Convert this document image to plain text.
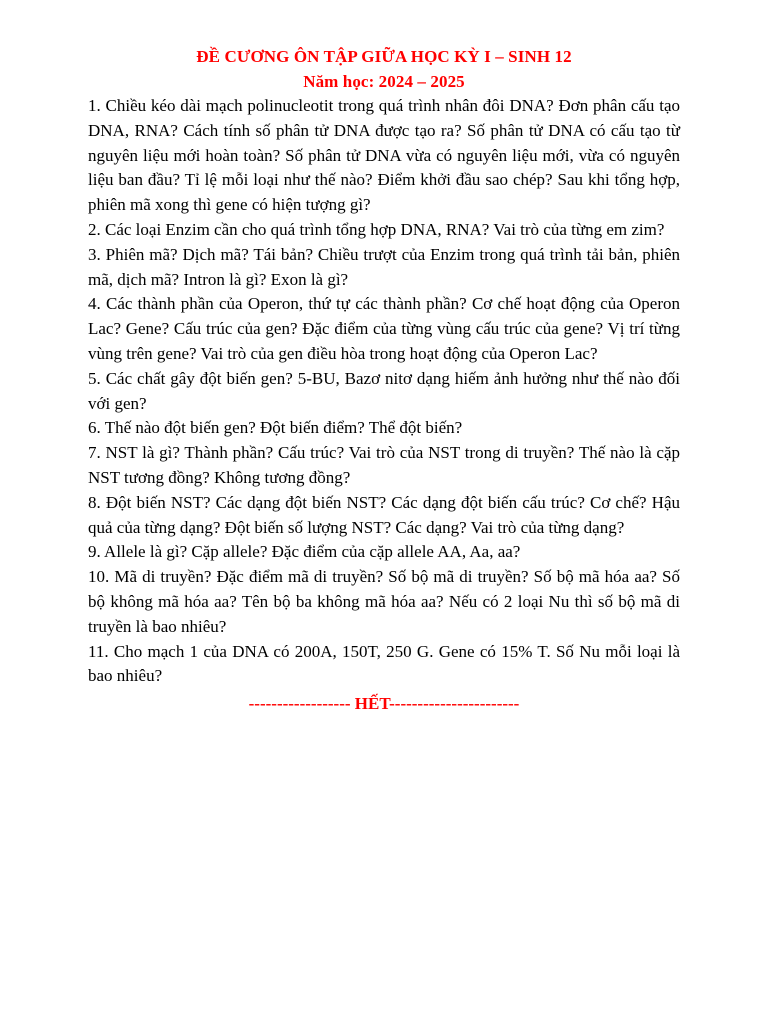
ĐỀ CƯƠNG ÔN TẬP GIỮA HỌC KỲ I – SINH 12

Năm học: 2024 – 2025

1. Chiều kéo dài mạch polinucleotit trong quá trình nhân đôi DNA? Đơn phân cấu tạo DNA, RNA? Cách tính số phân tử DNA được tạo ra? Số phân tử DNA có cấu tạo từ nguyên liệu mới hoàn toàn? Số phân tử DNA vừa có nguyên liệu mới, vừa có nguyên liệu ban đầu? Tỉ lệ mỗi loại như thế nào? Điểm khởi đầu sao chép? Sau khi tổng hợp, phiên mã xong thì gene có hiện tượng gì?
2. Các loại Enzim cần cho quá trình tổng hợp DNA, RNA? Vai trò của từng em zim?
3. Phiên mã? Dịch mã? Tái bản? Chiều trượt của Enzim trong quá trình tải bản, phiên mã, dịch mã? Intron là gì? Exon là gì?
4. Các thành phần của Operon, thứ tự các thành phần? Cơ chế hoạt động của Operon Lac? Gene? Cấu trúc của gen? Đặc điểm của từng vùng cấu trúc của gene? Vị trí từng vùng trên gene? Vai trò của gen điều hòa trong hoạt động của Operon Lac?
5. Các chất gây đột biến gen? 5-BU, Bazơ nitơ dạng hiếm ảnh hưởng như thế nào đối với gen?
6. Thế nào đột biến gen? Đột biến điểm? Thể đột biến?
7. NST là gì? Thành phần? Cấu trúc? Vai trò của NST trong di truyền? Thế nào là cặp NST tương đồng? Không tương đồng?
8. Đột biến NST? Các dạng đột biến NST? Các dạng đột biến cấu trúc? Cơ chế? Hậu quả của từng dạng? Đột biến số lượng NST? Các dạng? Vai trò của từng dạng?
9. Allele là gì? Cặp allele? Đặc điểm của cặp allele AA, Aa, aa?
10. Mã di truyền? Đặc điểm mã di truyền? Số bộ mã di truyền? Số bộ mã hóa aa? Số bộ không mã hóa aa? Tên bộ ba không mã hóa aa? Nếu có 2 loại Nu thì số bộ mã di truyền là bao nhiêu?
11. Cho mạch 1 của DNA có 200A, 150T, 250 G. Gene có 15% T. Số Nu mỗi loại là bao nhiêu?

------------------ HẾT-----------------------
